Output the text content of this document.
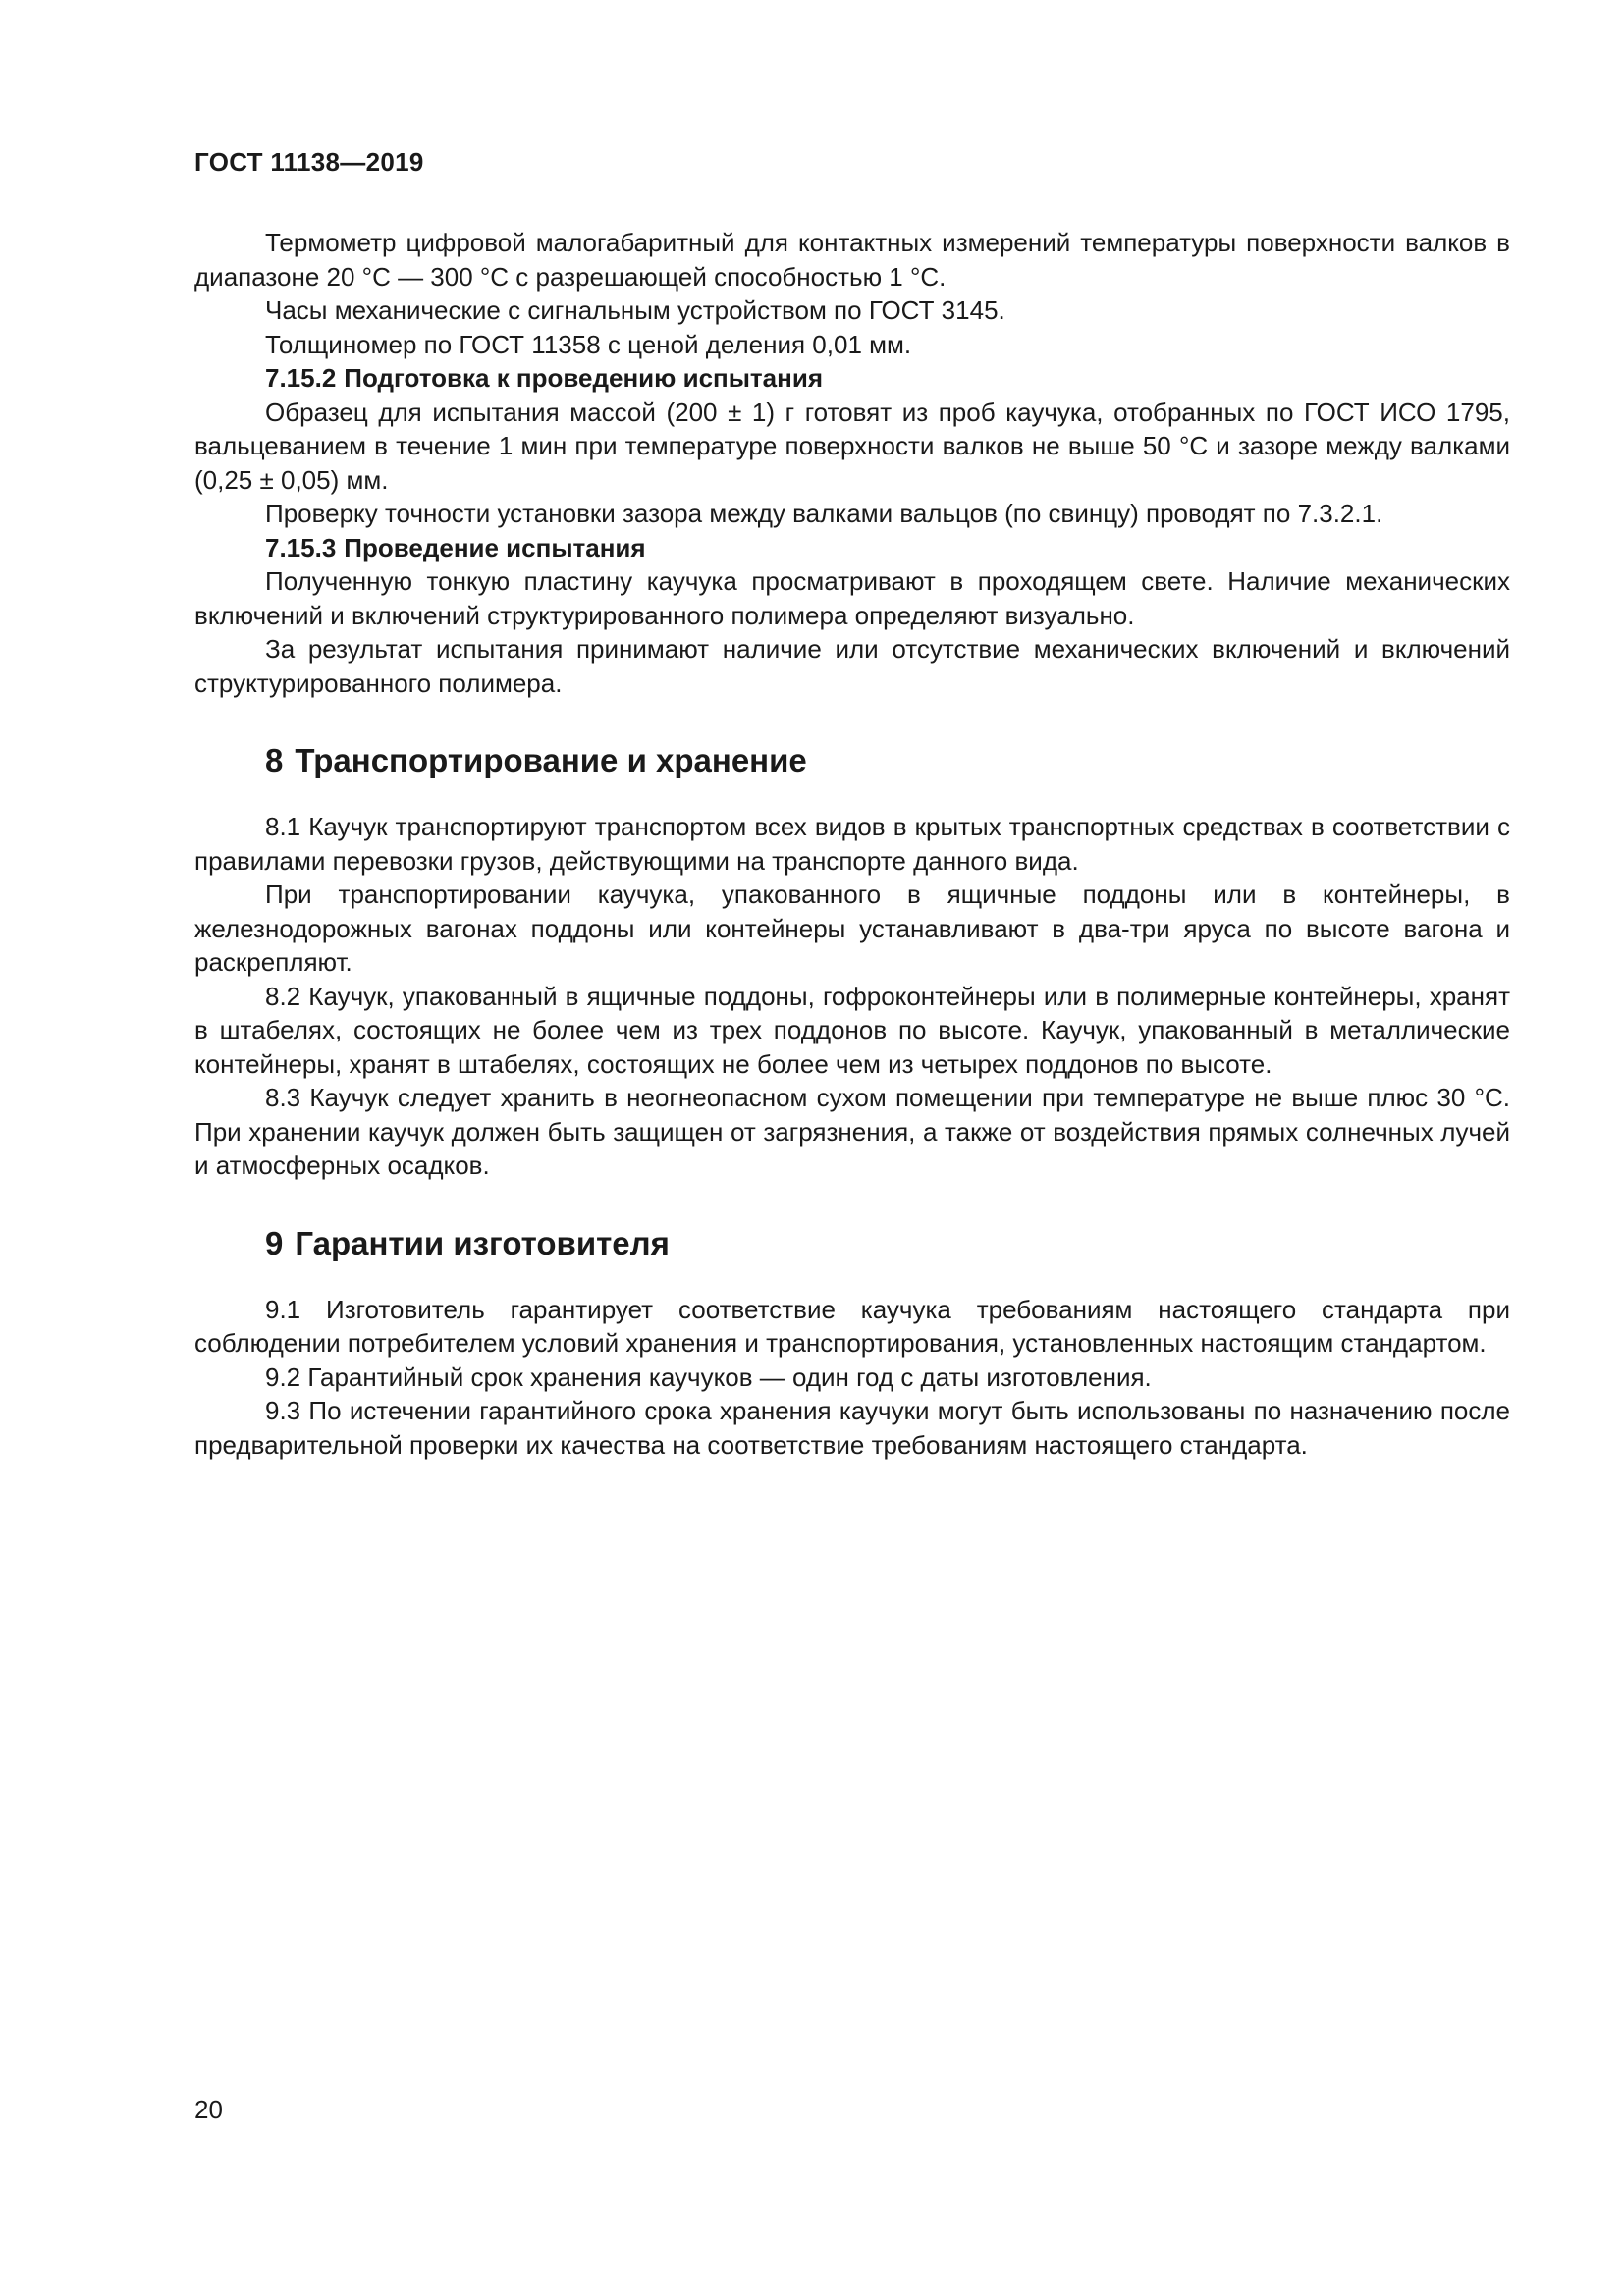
ГОСТ 11138—2019

Термометр цифровой малогабаритный для контактных измерений температуры поверхности валков в диапазоне 20 °С — 300 °С с разрешающей способностью 1 °С.

Часы механические с сигнальным устройством по ГОСТ 3145.

Толщиномер по ГОСТ 11358 с ценой деления 0,01 мм.

7.15.2 Подготовка к проведению испытания

Образец для испытания массой (200 ± 1) г готовят из проб каучука, отобранных по ГОСТ ИСО 1795, вальцеванием в течение 1 мин при температуре поверхности валков не выше 50 °С и зазоре между валками (0,25 ± 0,05) мм.

Проверку точности установки зазора между валками вальцов (по свинцу) проводят по 7.3.2.1.

7.15.3 Проведение испытания

Полученную тонкую пластину каучука просматривают в проходящем свете. Наличие механических включений и включений структурированного полимера определяют визуально.

За результат испытания принимают наличие или отсутствие механических включений и включений структурированного полимера.

8 Транспортирование и хранение

8.1 Каучук транспортируют транспортом всех видов в крытых транспортных средствах в соответствии с правилами перевозки грузов, действующими на транспорте данного вида.

При транспортировании каучука, упакованного в ящичные поддоны или в контейнеры, в железнодорожных вагонах поддоны или контейнеры устанавливают в два-три яруса по высоте вагона и раскрепляют.

8.2 Каучук, упакованный в ящичные поддоны, гофроконтейнеры или в полимерные контейнеры, хранят в штабелях, состоящих не более чем из трех поддонов по высоте. Каучук, упакованный в металлические контейнеры, хранят в штабелях, состоящих не более чем из четырех поддонов по высоте.

8.3 Каучук следует хранить в неогнеопасном сухом помещении при температуре не выше плюс 30 °С. При хранении каучук должен быть защищен от загрязнения, а также от воздействия прямых солнечных лучей и атмосферных осадков.

9 Гарантии изготовителя

9.1 Изготовитель гарантирует соответствие каучука требованиям настоящего стандарта при соблюдении потребителем условий хранения и транспортирования, установленных настоящим стандартом.

9.2 Гарантийный срок хранения каучуков — один год с даты изготовления.

9.3 По истечении гарантийного срока хранения каучуки могут быть использованы по назначению после предварительной проверки их качества на соответствие требованиям настоящего стандарта.

20
